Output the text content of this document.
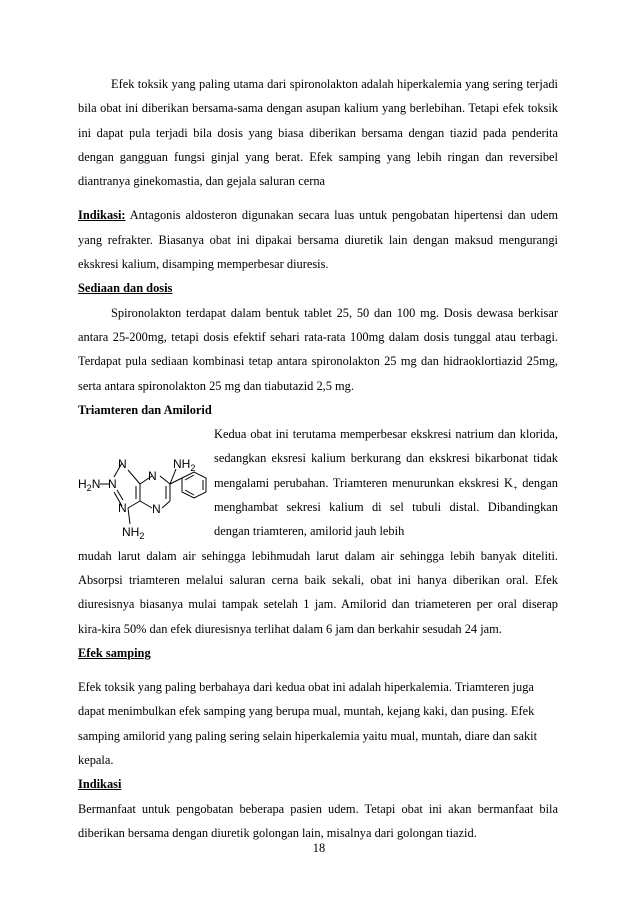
Efek toksik yang paling utama dari spironolakton adalah hiperkalemia yang sering terjadi bila obat ini diberikan bersama-sama dengan asupan kalium yang berlebihan. Tetapi efek toksik ini dapat pula terjadi bila dosis yang biasa diberikan bersama dengan tiazid pada penderita dengan gangguan fungsi ginjal yang berat. Efek samping yang lebih ringan dan reversibel diantranya ginekomastia, dan gejala saluran cerna

Indikasi: Antagonis aldosteron digunakan secara luas untuk pengobatan hipertensi dan udem yang refrakter. Biasanya obat ini dipakai bersama diuretik lain dengan maksud mengurangi ekskresi kalium, disamping memperbesar diuresis.

Sediaan dan dosis

Spironolakton terdapat dalam bentuk tablet 25, 50 dan 100 mg. Dosis dewasa berkisar antara 25-200mg, tetapi dosis efektif sehari rata-rata 100mg dalam dosis tunggal atau terbagi. Terdapat pula sediaan kombinasi tetap antara spironolakton 25 mg dan hidraoklortiazid 25mg, serta antara spironolakton 25 mg dan tiabutazid 2,5 mg.

Triamteren dan Amilorid

N
N
N
N
N
$NH_2$
$H_2N$
$NH_2$

Kedua obat ini terutama memperbesar ekskresi natrium dan klorida, sedangkan eksresi kalium berkurang dan ekskresi bikarbonat tidak mengalami perubahan. Triamteren menurunkan ekskresi $K_+$ dengan menghambat sekresi kalium di sel tubuli distal. Dibandingkan dengan triamteren, amilorid jauh lebih

mudah larut dalam air sehingga lebihmudah larut dalam air sehingga lebih banyak diteliti. Absorpsi triamteren melalui saluran cerna baik sekali, obat ini hanya diberikan oral. Efek diuresisnya biasanya mulai tampak setelah 1 jam. Amilorid dan triameteren per oral diserap kira-kira 50% dan efek diuresisnya terlihat dalam 6 jam dan berkahir sesudah 24 jam.

Efek samping

Efek toksik yang paling berbahaya dari kedua obat ini adalah hiperkalemia. Triamteren juga dapat menimbulkan efek samping yang berupa mual, muntah, kejang kaki, dan pusing. Efek samping amilorid yang paling sering selain hiperkalemia yaitu mual, muntah, diare dan sakit kepala.

Indikasi

Bermanfaat untuk pengobatan beberapa pasien udem. Tetapi obat ini akan bermanfaat bila diberikan bersama dengan diuretik golongan lain, misalnya dari golongan tiazid.

18
